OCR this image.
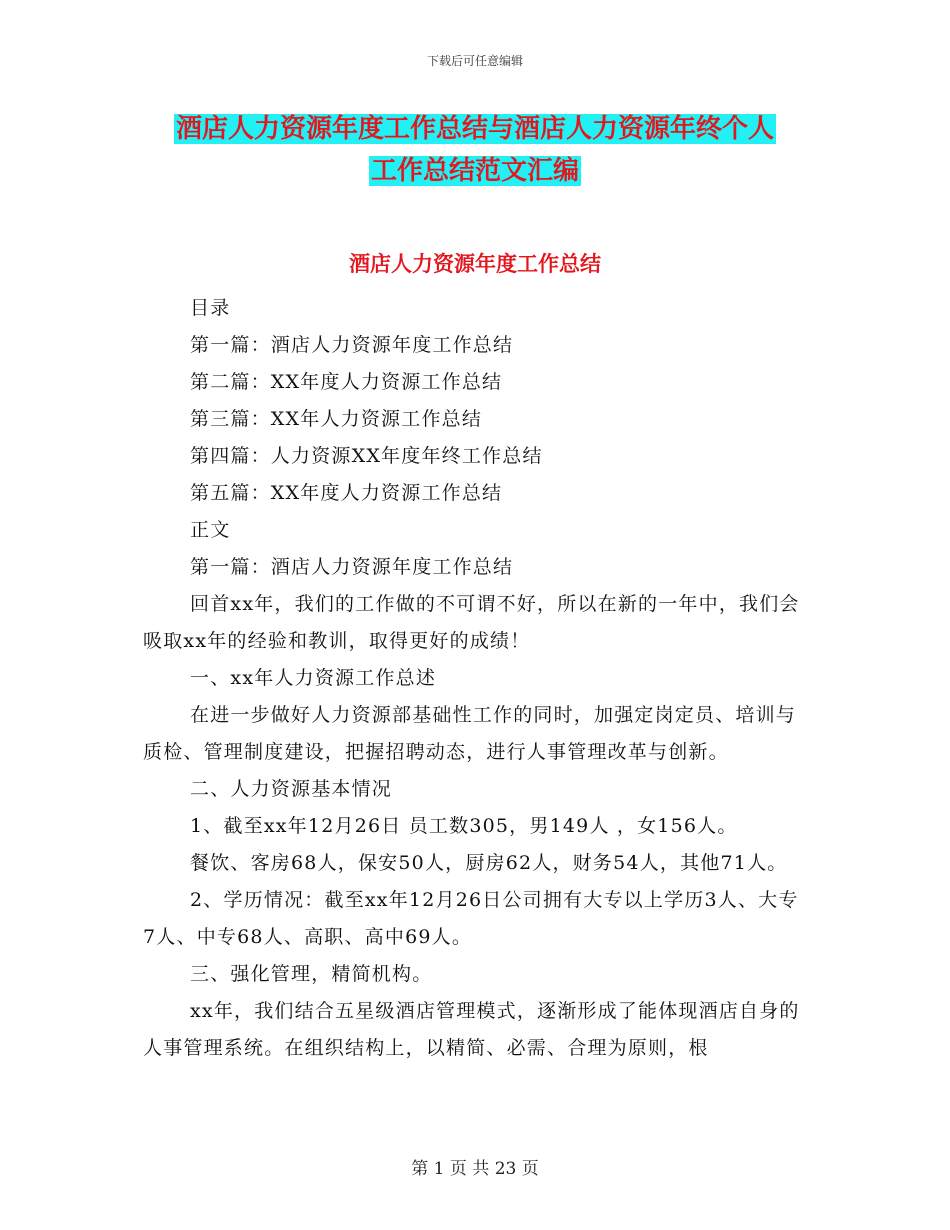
下载后可任意编辑
酒店人力资源年度工作总结与酒店人力资源年终个人
工作总结范文汇编
酒店人力资源年度工作总结

目录

第一篇：酒店人力资源年度工作总结

第二篇：XX年度人力资源工作总结

第三篇：XX年人力资源工作总结

第四篇：人力资源XX年度年终工作总结

第五篇：XX年度人力资源工作总结

正文

第一篇：酒店人力资源年度工作总结

回首xx年，我们的工作做的不可谓不好，所以在新的一年中，我们会吸取xx年的经验和教训，取得更好的成绩！

一、xx年人力资源工作总述

在进一步做好人力资源部基础性工作的同时，加强定岗定员、培训与质检、管理制度建设，把握招聘动态，进行人事管理改革与创新。

二、人力资源基本情况

1、截至xx年12月26日 员工数305，男149人 ，女156人。

餐饮、客房68人，保安50人，厨房62人，财务54人，其他71人。

2、学历情况：截至xx年12月26日公司拥有大专以上学历3人、大专7人、中专68人、高职、高中69人。

三、强化管理，精简机构。

xx年，我们结合五星级酒店管理模式，逐渐形成了能体现酒店自身的人事管理系统。在组织结构上，以精简、必需、合理为原则，根

第 1 页 共 23 页
